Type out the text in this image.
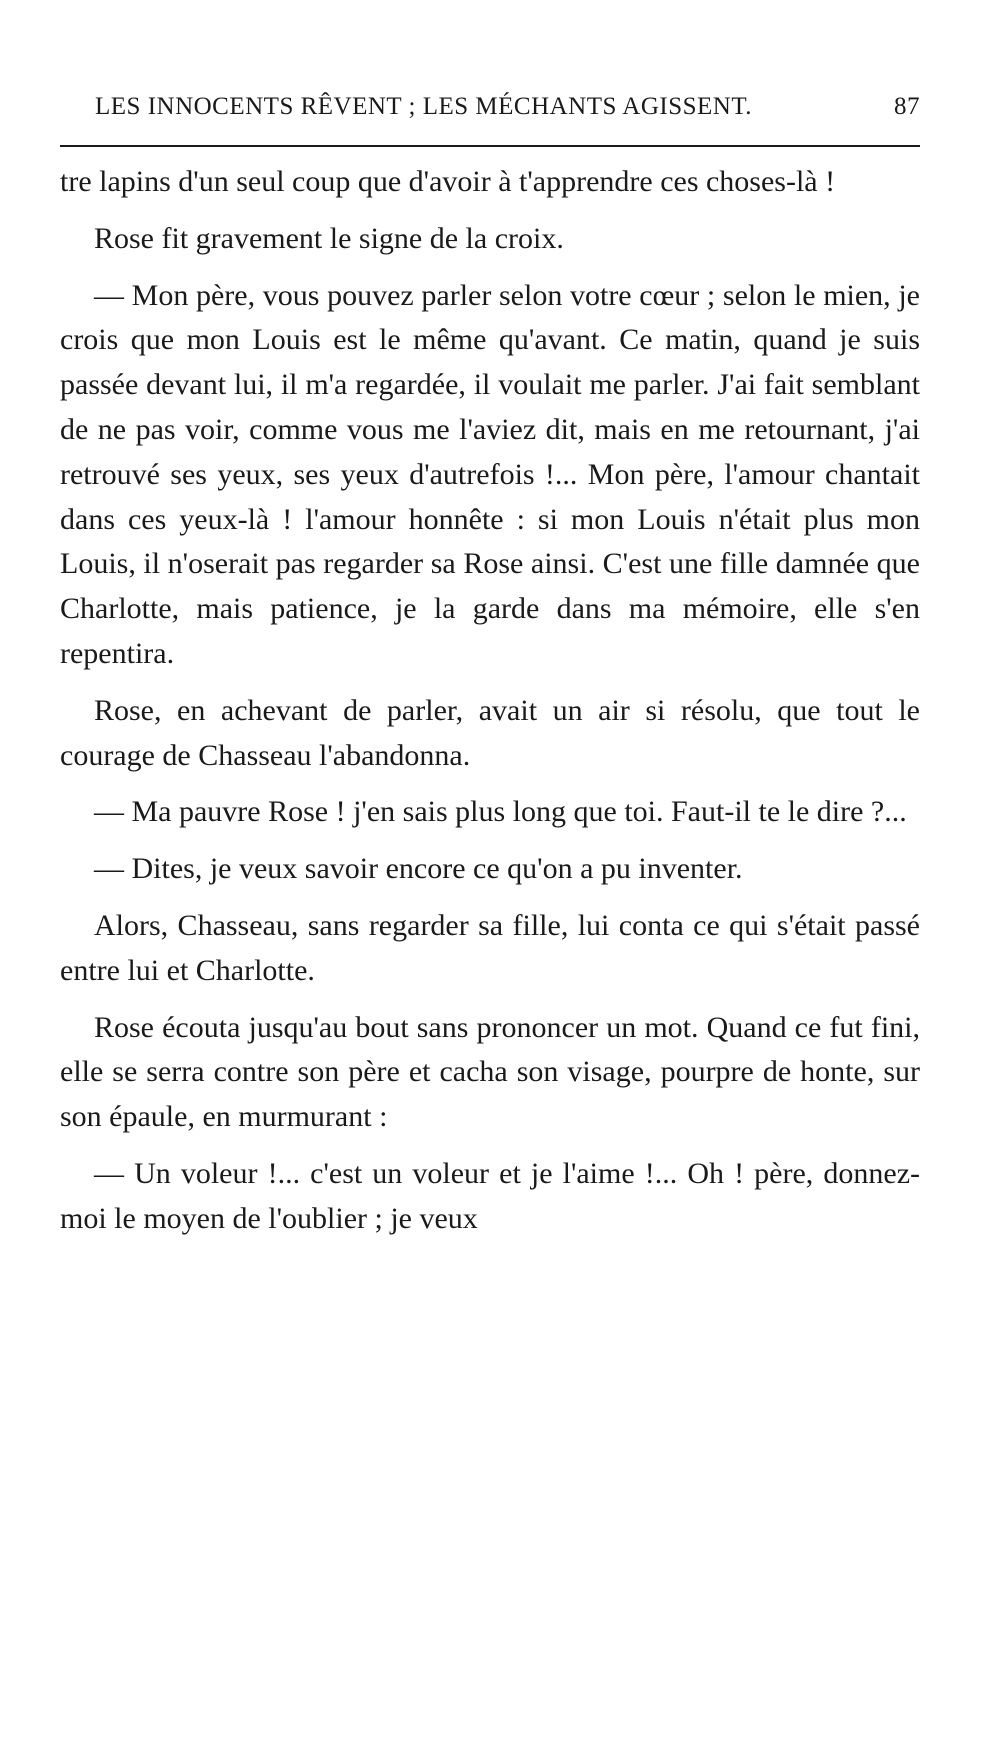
LES INNOCENTS RÊVENT ; LES MÉCHANTS AGISSENT.	87

tre lapins d'un seul coup que d'avoir à t'apprendre ces choses-là !

Rose fit gravement le signe de la croix.

— Mon père, vous pouvez parler selon votre cœur ; selon le mien, je crois que mon Louis est le même qu'avant. Ce matin, quand je suis passée devant lui, il m'a regardée, il voulait me parler. J'ai fait semblant de ne pas voir, comme vous me l'aviez dit, mais en me retournant, j'ai retrouvé ses yeux, ses yeux d'autrefois !... Mon père, l'amour chantait dans ces yeux-là ! l'amour honnête : si mon Louis n'était plus mon Louis, il n'oserait pas regarder sa Rose ainsi. C'est une fille damnée que Charlotte, mais patience, je la garde dans ma mémoire, elle s'en repentira.

Rose, en achevant de parler, avait un air si résolu, que tout le courage de Chasseau l'abandonna.

— Ma pauvre Rose ! j'en sais plus long que toi. Faut-il te le dire ?...

— Dites, je veux savoir encore ce qu'on a pu inventer.

Alors, Chasseau, sans regarder sa fille, lui conta ce qui s'était passé entre lui et Charlotte.

Rose écouta jusqu'au bout sans prononcer un mot. Quand ce fut fini, elle se serra contre son père et cacha son visage, pourpre de honte, sur son épaule, en murmurant :

— Un voleur !... c'est un voleur et je l'aime !... Oh ! père, donnez-moi le moyen de l'oublier ; je veux
